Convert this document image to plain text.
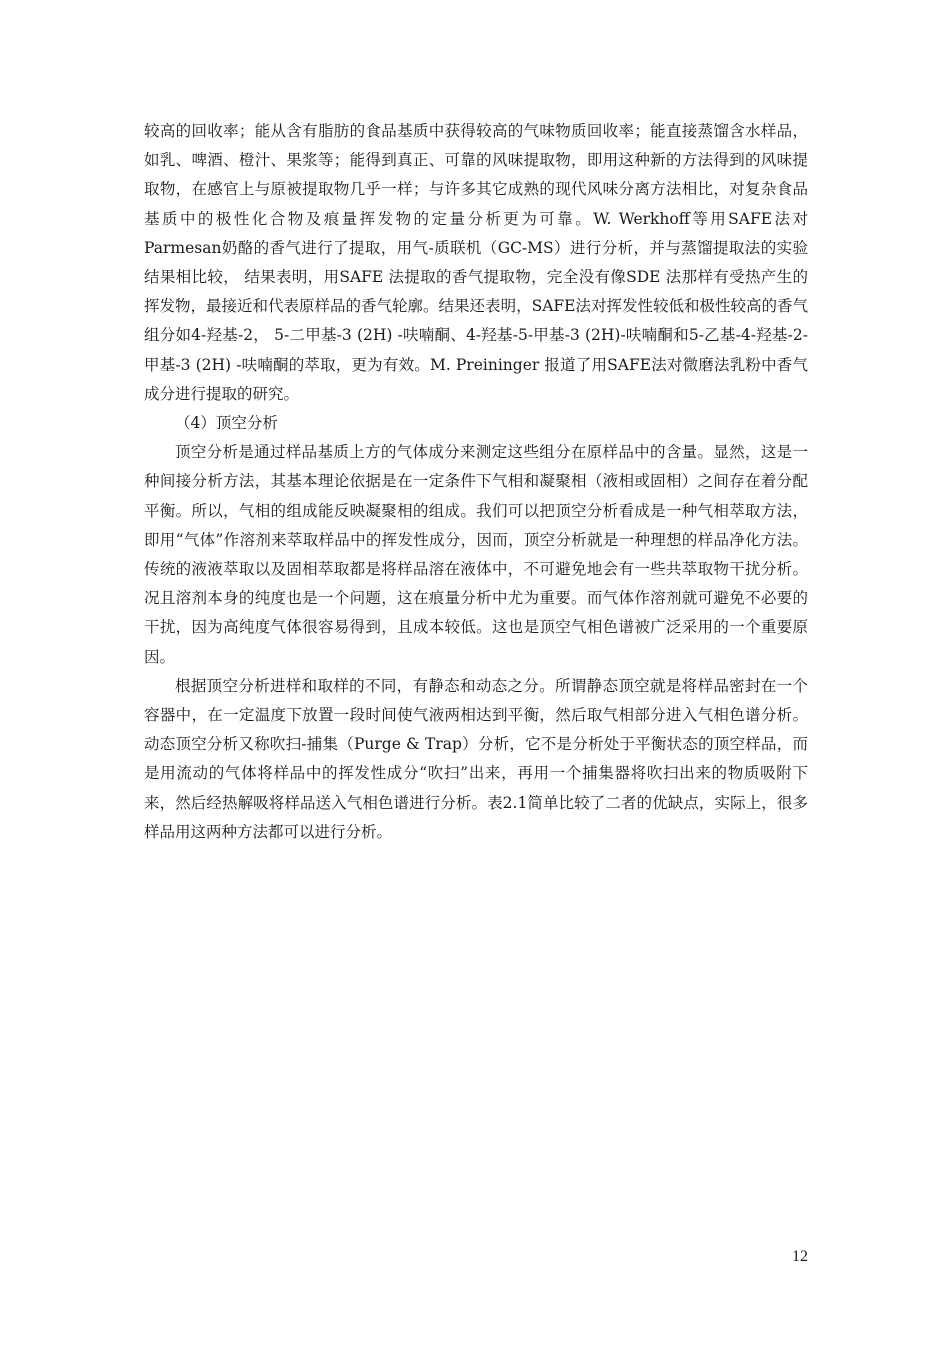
较高的回收率；能从含有脂肪的食品基质中获得较高的气味物质回收率；能直接蒸馏含水样品，如乳、啤酒、橙汁、果浆等；能得到真正、可靠的风味提取物，即用这种新的方法得到的风味提取物，在感官上与原被提取物几乎一样；与许多其它成熟的现代风味分离方法相比，对复杂食品基质中的极性化合物及痕量挥发物的定量分析更为可靠。W. Werkhoff等用SAFE法对Parmesan奶酪的香气进行了提取，用气-质联机（GC-MS）进行分析，并与蒸馏提取法的实验结果相比较， 结果表明，用SAFE 法提取的香气提取物，完全没有像SDE 法那样有受热产生的挥发物，最接近和代表原样品的香气轮廓。结果还表明，SAFE法对挥发性较低和极性较高的香气组分如4-羟基-2， 5-二甲基-3 (2H) -呋喃酮、4-羟基-5-甲基-3 (2H)-呋喃酮和5-乙基-4-羟基-2-甲基-3 (2H) -呋喃酮的萃取，更为有效。M. Preininger 报道了用SAFE法对微磨法乳粉中香气成分进行提取的研究。

（4）顶空分析

顶空分析是通过样品基质上方的气体成分来测定这些组分在原样品中的含量。显然，这是一种间接分析方法，其基本理论依据是在一定条件下气相和凝聚相（液相或固相）之间存在着分配平衡。所以，气相的组成能反映凝聚相的组成。我们可以把顶空分析看成是一种气相萃取方法，即用“气体”作溶剂来萃取样品中的挥发性成分，因而，顶空分析就是一种理想的样品净化方法。传统的液液萃取以及固相萃取都是将样品溶在液体中，不可避免地会有一些共萃取物干扰分析。况且溶剂本身的纯度也是一个问题，这在痕量分析中尤为重要。而气体作溶剂就可避免不必要的干扰，因为高纯度气体很容易得到，且成本较低。这也是顶空气相色谱被广泛采用的一个重要原因。

根据顶空分析进样和取样的不同，有静态和动态之分。所谓静态顶空就是将样品密封在一个容器中，在一定温度下放置一段时间使气液两相达到平衡，然后取气相部分进入气相色谱分析。动态顶空分析又称吹扫-捕集（Purge & Trap）分析，它不是分析处于平衡状态的顶空样品，而是用流动的气体将样品中的挥发性成分“吹扫”出来，再用一个捕集器将吹扫出来的物质吸附下来，然后经热解吸将样品送入气相色谱进行分析。表2.1简单比较了二者的优缺点，实际上，很多样品用这两种方法都可以进行分析。

12
